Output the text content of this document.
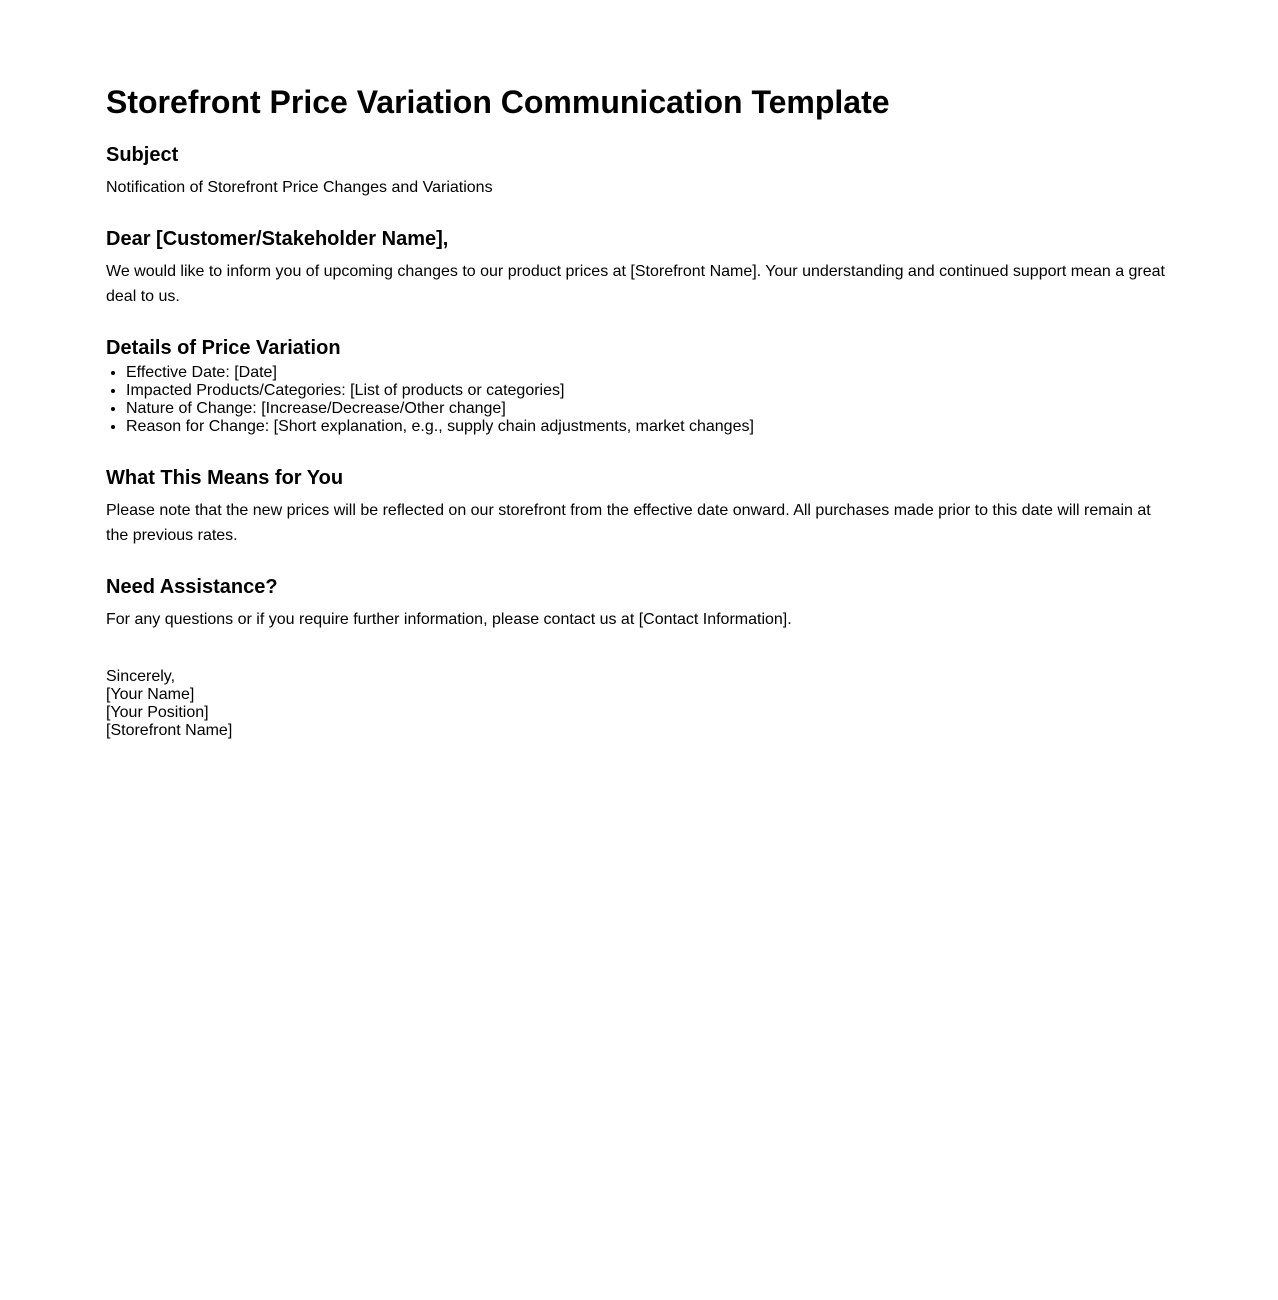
Storefront Price Variation Communication Template
Subject

Notification of Storefront Price Changes and Variations

Dear [Customer/Stakeholder Name],

We would like to inform you of upcoming changes to our product prices at [Storefront Name]. Your understanding and continued support mean a great deal to us.

Details of Price Variation
• Effective Date: [Date]
• Impacted Products/Categories: [List of products or categories]
• Nature of Change: [Increase/Decrease/Other change]
• Reason for Change: [Short explanation, e.g., supply chain adjustments, market changes]
What This Means for You

Please note that the new prices will be reflected on our storefront from the effective date onward. All purchases made prior to this date will remain at the previous rates.

Need Assistance?

For any questions or if you require further information, please contact us at [Contact Information].

Sincerely,
[Your Name]
[Your Position]
[Storefront Name]
